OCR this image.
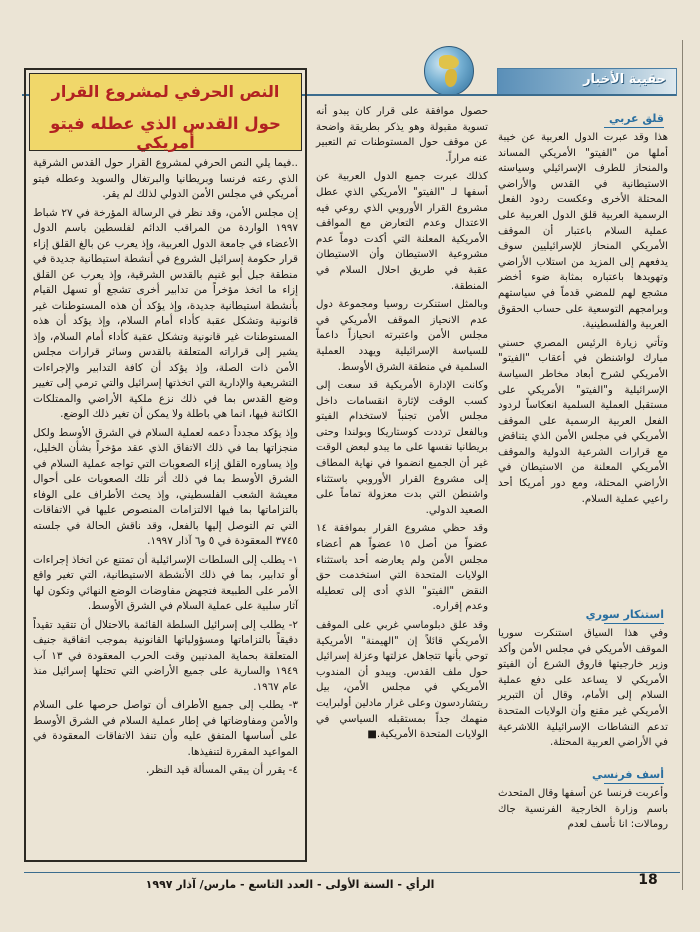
حقيبة الأخبار
قلق عربي

هذا وقد عبرت الدول العربية عن خيبة أملها من "الفيتو" الأمريكي المساند والمنحاز للطرف الإسرائيلي وسياسته الاستيطانية في القدس والأراضي المحتلة الأخرى وعكست ردود الفعل الرسمية العربية قلق الدول العربية على عملية السلام باعتبار أن الموقف الأمريكي المنحاز للإسرائيليين سوف يدفعهم إلى المزيد من استلاب الأراضي وتهويدها باعتباره بمثابة ضوء أخضر مشجع لهم للمضي قدماً في سياستهم وبرامجهم التوسعية على حساب الحقوق العربية والفلسطينية.

وتأتي زيارة الرئيس المصري حسني مبارك لواشنطن في أعقاب "الفيتو" الأمريكي لشرح أبعاد مخاطر السياسة الإسرائيلية و"الفيتو" الأمريكي على مستقبل العملية السلمية انعكاساً لردود الفعل العربية الرسمية على الموقف الأمريكي في مجلس الأمن الذي يتناقض مع قرارات الشرعية الدولية والموقف الأمريكي المعلنة من الاستيطان في الأراضي المحتلة، ومع دور أمريكا أحد راعيي عملية السلام.

استنكار سوري

وفي هذا السياق استنكرت سوريا الموقف الأمريكي في مجلس الأمن وأكد وزير خارجيتها فاروق الشرع أن الفيتو الأمريكي لا يساعد على دفع عملية السلام إلى الأمام، وقال أن التبرير الأمريكي غير مقنع وأن الولايات المتحدة تدعم النشاطات الإسرائيلية اللاشرعية في الأراضي العربية المحتلة.

أسف فرنسي

وأعربت فرنسا عن أسفها وقال المتحدث باسم وزارة الخارجية الفرنسية جاك رومالات: انا نأسف لعدم

حصول موافقة على قرار كان يبدو أنه تسوية مقبولة وهو يذكر بطريقة واضحة عن موقف حول المستوطنات تم التعبير عنه مراراً.

كذلك عبرت جميع الدول العربية عن أسفها لـ "الفيتو" الأمريكي الذي عطل مشروع القرار الأوروبي الذي روعي فيه الاعتدال وعدم التعارض مع المواقف الأمريكية المعلنة التي أكدت دوماً عدم مشروعية الاستيطان وأن الاستيطان عقبة في طريق احلال السلام في المنطقة.

وبالمثل استنكرت روسيا ومجموعة دول عدم الانحياز الموقف الأمريكي في مجلس الأمن واعتبرته انحيازاً داعماً للسياسة الإسرائيلية ويهدد العملية السلمية في منطقة الشرق الأوسط.

وكانت الإدارة الأمريكية قد سعت إلى كسب الوقت لإثارة انقسامات داخل مجلس الأمن تجنباً لاستخدام الفيتو وبالفعل ترددت كوستاريكا وبولندا وحتى بريطانيا نفسها على ما يبدو لبعض الوقت غير أن الجميع انضموا في نهاية المطاف إلى مشروع القرار الأوروبي باستثناء واشنطن التي بدت معزولة تماماً على الصعيد الدولي.

وقد حظي مشروع القرار بموافقة ١٤ عضواً من أصل ١٥ عضواً هم أعضاء مجلس الأمن ولم يعارضه أحد باستثناء الولايات المتحدة التي استخدمت حق النقض "الفيتو" الذي أدى إلى تعطيله وعدم إقراره.

وقد علق دبلوماسي غربي على الموقف الأمريكي قائلاً إن "الهيمنة" الأمريكية توحي بأنها تتجاهل عزلتها وعزلة إسرائيل حول ملف القدس. ويبدو أن المندوب الأمريكي في مجلس الأمن، بيل ريتشاردسون وعلى غرار مادلين أولبرايت منهمك جداً بمستقبله السياسي في الولايات المتحدة الأمريكية.■

النص الحرفي لمشروع القرار
حول القدس الذي عطله فيتو أمريكي

..فيما يلي النص الحرفي لمشروع القرار حول القدس الشرقية الذي رعته فرنسا وبريطانيا والبرتغال والسويد وعطله فيتو أمريكي في مجلس الأمن الدولي لذلك لم يقر.

إن مجلس الأمن، وقد نظر في الرسالة المؤرخة في ٢٧ شباط ١٩٩٧ الواردة من المراقب الدائم لفلسطين باسم الدول الأعضاء في جامعة الدول العربية، وإذ يعرب عن بالغ القلق إزاء قرار حكومة إسرائيل الشروع في أنشطة استيطانية جديدة في منطقة جبل أبو غنيم بالقدس الشرقية، وإذ يعرب عن القلق إزاء ما اتخذ مؤخراً من تدابير أخرى تشجع أو تسهل القيام بأنشطة استيطانية جديدة، وإذ يؤكد أن هذه المستوطنات غير قانونية وتشكل عقبة كأداء أمام السلام، وإذ يؤكد أن هذه المستوطنات غير قانونية وتشكل عقبة كأداء أمام السلام، وإذ يشير إلى قراراته المتعلقة بالقدس وسائر قرارات مجلس الأمن ذات الصلة، وإذ يؤكد أن كافة التدابير والإجراءات التشريعية والإدارية التي اتخذتها إسرائيل والتي ترمي إلى تغيير وضع القدس بما في ذلك نزع ملكية الأراضي والممتلكات الكائنة فيها، انما هي باطلة ولا يمكن أن تغير ذلك الوضع.

وإذ يؤكد مجدداً دعمه لعملية السلام في الشرق الأوسط ولكل منجزاتها بما في ذلك الاتفاق الذي عقد مؤخراً بشأن الخليل، وإذ يساوره القلق إزاء الصعوبات التي تواجه عملية السلام في الشرق الأوسط بما في ذلك أثر تلك الصعوبات على أحوال معيشة الشعب الفلسطيني، وإذ يحث الأطراف على الوفاء بالتزاماتها بما فيها الالتزامات المنصوص عليها في الاتفاقات التي تم التوصل إليها بالفعل، وقد ناقش الحالة في جلسته ٣٧٤٥ المعقودة في ٥ و٦ آذار ١٩٩٧.

١- يطلب إلى السلطات الإسرائيلية أن تمتنع عن اتخاذ إجراءات أو تدابير، بما في ذلك الأنشطة الاستيطانية، التي تغير واقع الأمر على الطبيعة فتجهض مفاوضات الوضع النهائي وتكون لها آثار سلبية على عملية السلام في الشرق الأوسط.

٢- يطلب إلى إسرائيل السلطة القائمة بالاحتلال أن تتقيد تقيداً دقيقاً بالتزاماتها ومسؤولياتها القانونية بموجب اتفاقية جنيف المتعلقة بحماية المدنيين وقت الحرب المعقودة في ١٣ آب ١٩٤٩ والسارية على جميع الأراضي التي تحتلها إسرائيل منذ عام ١٩٦٧.

٣- يطلب إلى جميع الأطراف أن تواصل حرصها على السلام والأمن ومفاوضاتها في إطار عملية السلام في الشرق الأوسط على أساسها المتفق عليه وأن تنفذ الاتفاقات المعقودة في المواعيد المقررة لتنفيذها.

٤- يقرر أن يبقي المسألة قيد النظر.

الرأي - السنة الأولى - العدد التاسع - مارس/ آذار ١٩٩٧	18
